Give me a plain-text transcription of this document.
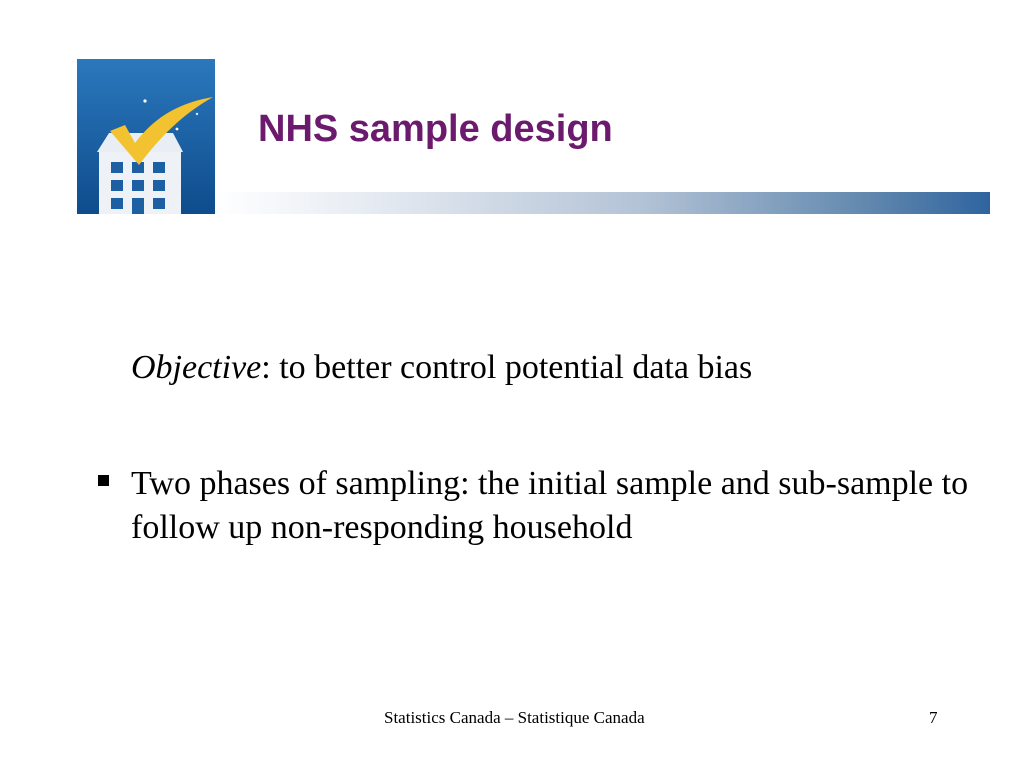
NHS sample design
Objective: to better control potential data bias
Two phases of sampling: the initial sample and sub-sample to follow up non-responding household
Statistics Canada – Statistique Canada	7
